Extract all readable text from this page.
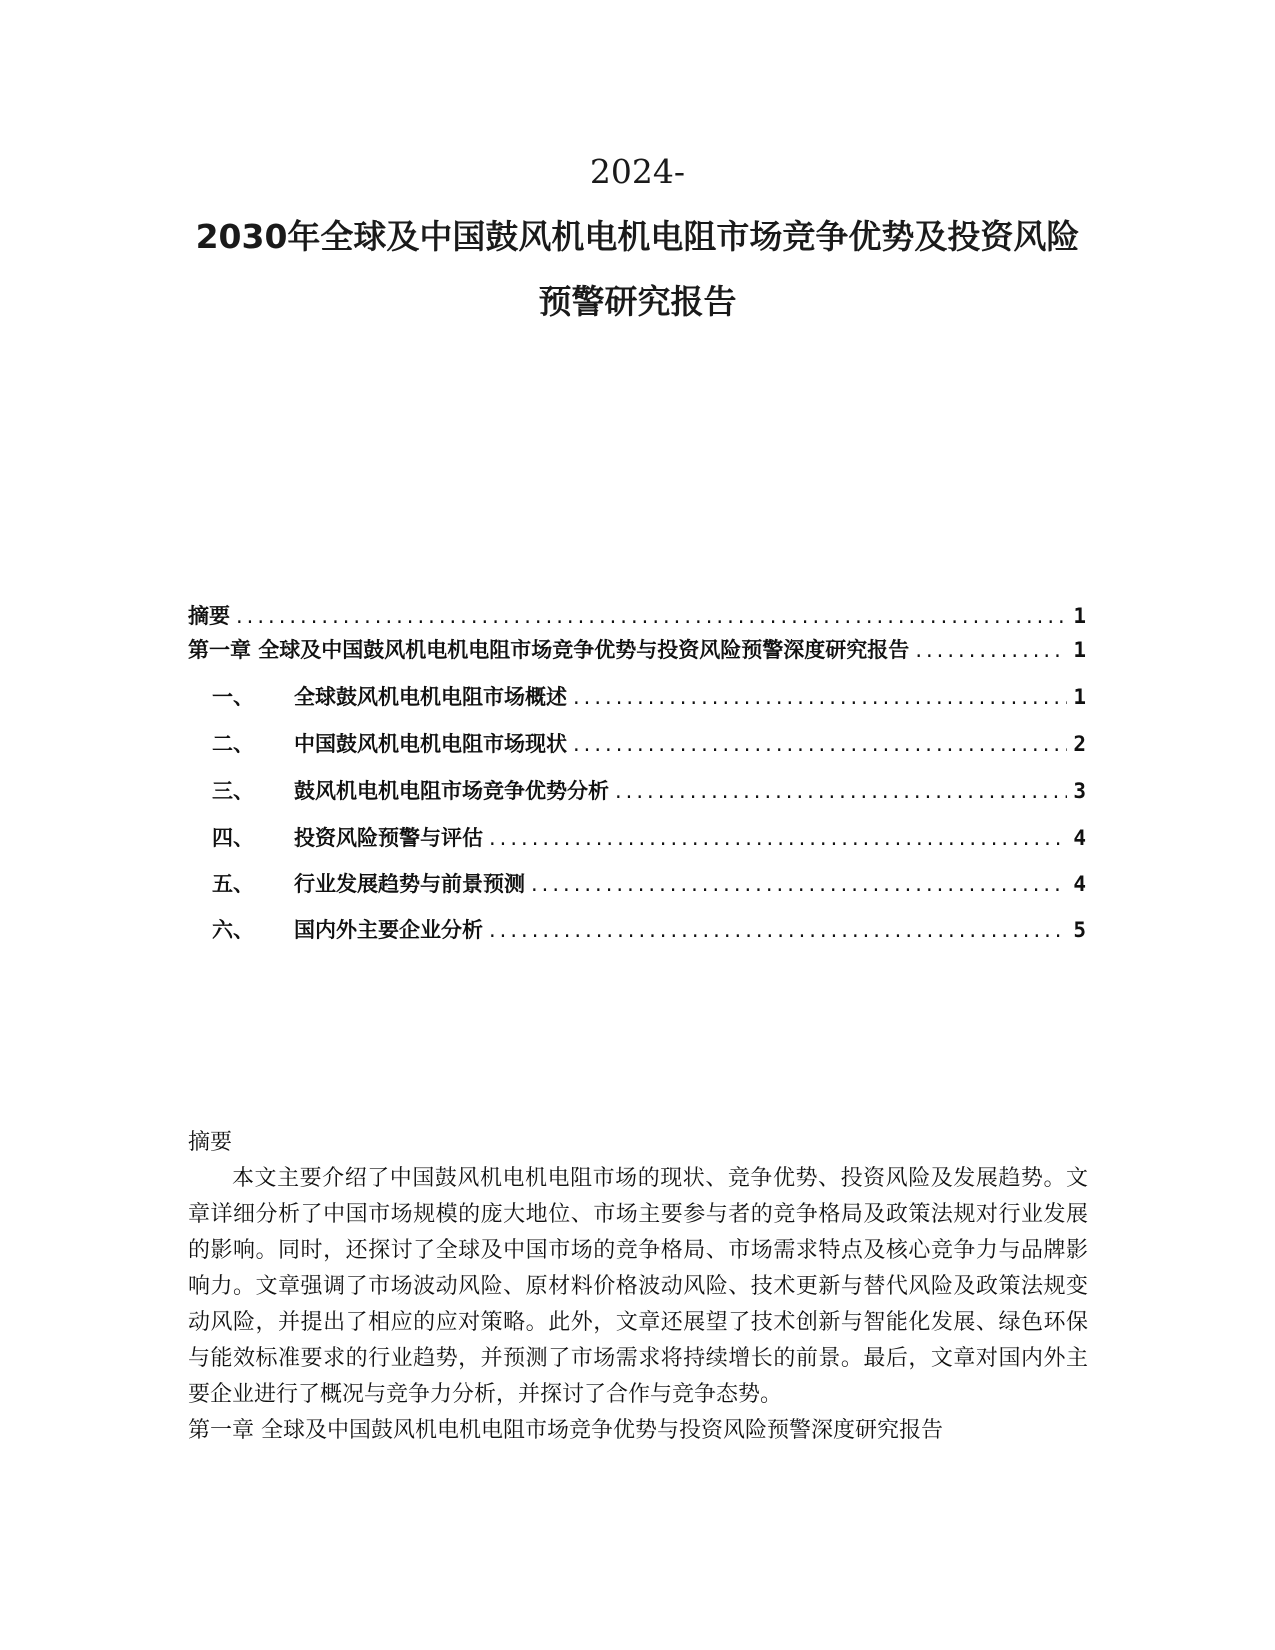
2024-
2030年全球及中国鼓风机电机电阻市场竞争优势及投资风险
预警研究报告
摘要 .....	1
第一章 全球及中国鼓风机电机电阻市场竞争优势与投资风险预警深度研究报告 .....	1
一、	全球鼓风机电机电阻市场概述 .....	1
二、	中国鼓风机电机电阻市场现状 .....	2
三、	鼓风机电机电阻市场竞争优势分析 .....	3
四、	投资风险预警与评估 .....	4
五、	行业发展趋势与前景预测 .....	4
六、	国内外主要企业分析 .....	5
摘要

本文主要介绍了中国鼓风机电机电阻市场的现状、竞争优势、投资风险及发展趋势。文章详细分析了中国市场规模的庞大地位、市场主要参与者的竞争格局及政策法规对行业发展的影响。同时，还探讨了全球及中国市场的竞争格局、市场需求特点及核心竞争力与品牌影响力。文章强调了市场波动风险、原材料价格波动风险、技术更新与替代风险及政策法规变动风险，并提出了相应的应对策略。此外，文章还展望了技术创新与智能化发展、绿色环保与能效标准要求的行业趋势，并预测了市场需求将持续增长的前景。最后，文章对国内外主要企业进行了概况与竞争力分析，并探讨了合作与竞争态势。

第一章 全球及中国鼓风机电机电阻市场竞争优势与投资风险预警深度研究报告
